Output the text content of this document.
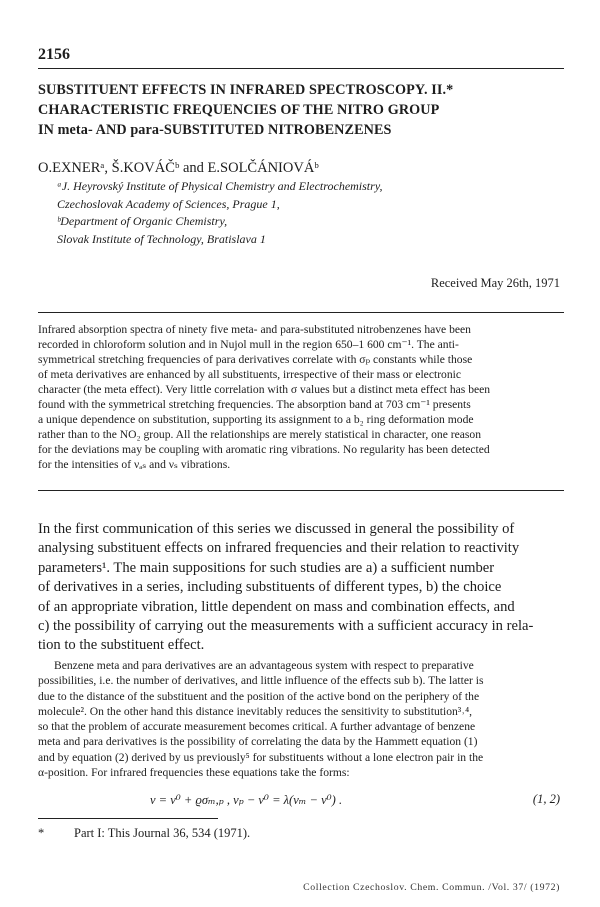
2156
SUBSTITUENT EFFECTS IN INFRARED SPECTROSCOPY. II.*
CHARACTERISTIC FREQUENCIES OF THE NITRO GROUP
IN meta- AND para-SUBSTITUTED NITROBENZENES
O.EXNERᵃ, Š.KOVÁČᵇ and E.SOLČÁNIOVÁᵇ
ᵃJ. Heyrovský Institute of Physical Chemistry and Electrochemistry,
Czechoslovak Academy of Sciences, Prague 1,
ᵇDepartment of Organic Chemistry,
Slovak Institute of Technology, Bratislava 1
Received May 26th, 1971
Infrared absorption spectra of ninety five meta- and para-substituted nitrobenzenes have been
recorded in chloroform solution and in Nujol mull in the region 650–1 600 cm⁻¹. The anti-
symmetrical stretching frequencies of para derivatives correlate with σₚ constants while those
of meta derivatives are enhanced by all substituents, irrespective of their mass or electronic
character (the meta effect). Very little correlation with σ values but a distinct meta effect has been
found with the symmetrical stretching frequencies. The absorption band at 703 cm⁻¹ presents
a unique dependence on substitution, supporting its assignment to a b₂ ring deformation mode
rather than to the NO₂ group. All the relationships are merely statistical in character, one reason
for the deviations may be coupling with aromatic ring vibrations. No regularity has been detected
for the intensities of νₐₛ and νₛ vibrations.
In the first communication of this series we discussed in general the possibility of
analysing substituent effects on infrared frequencies and their relation to reactivity
parameters¹. The main suppositions for such studies are a) a sufficient number
of derivatives in a series, including substituents of different types, b) the choice
of an appropriate vibration, little dependent on mass and combination effects, and
c) the possibility of carrying out the measurements with a sufficient accuracy in rela-
tion to the substituent effect.
Benzene meta and para derivatives are an advantageous system with respect to preparative
possibilities, i.e. the number of derivatives, and little influence of the effects sub b). The latter is
due to the distance of the substituent and the position of the active bond on the periphery of the
molecule². On the other hand this distance inevitably reduces the sensitivity to substitution³˒⁴,
so that the problem of accurate measurement becomes critical. A further advantage of benzene
meta and para derivatives is the possibility of correlating the data by the Hammett equation (1)
and by equation (2) derived by us previously⁵ for substituents without a lone electron pair in the
α-position. For infrared frequencies these equations take the forms:
ν = ν⁰ + ϱσₘ,ₚ , νₚ − ν⁰ = λ(νₘ − ν⁰) .	(1, 2)
* Part I: This Journal 36, 534 (1971).
Collection Czechoslov. Chem. Commun. /Vol. 37/ (1972)
